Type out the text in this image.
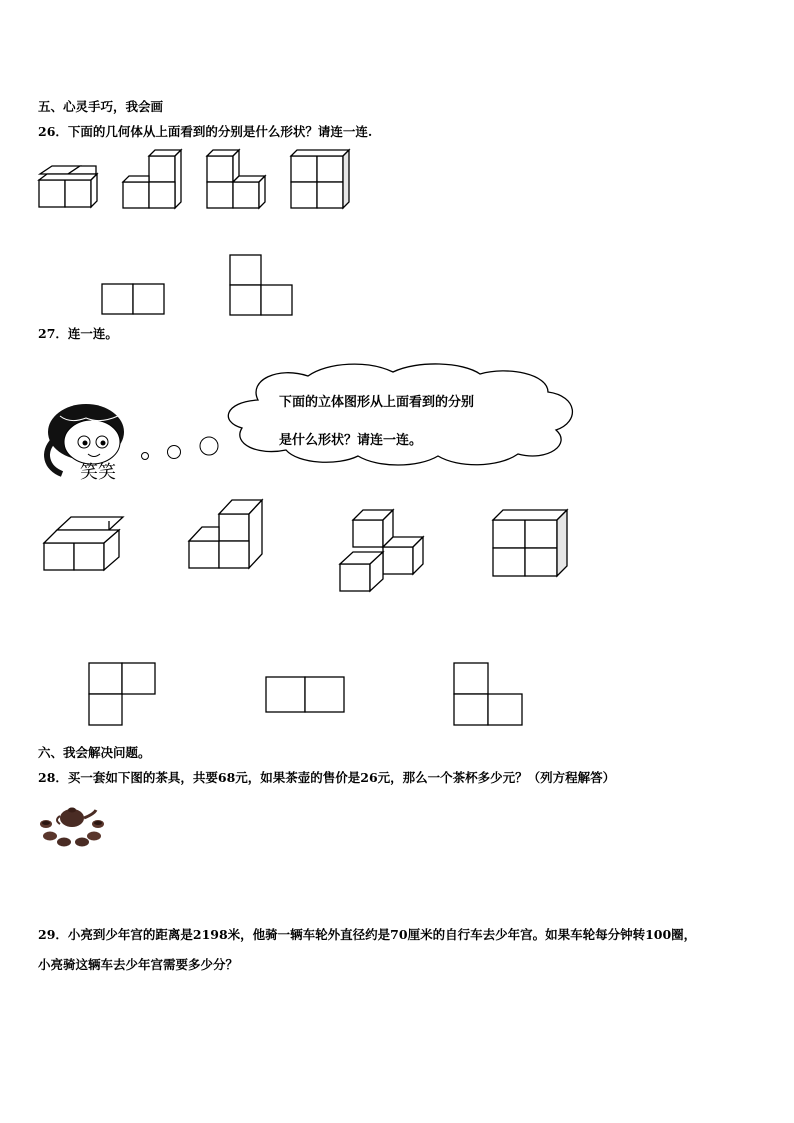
五、心灵手巧，我会画
26．下面的几何体从上面看到的分别是什么形状？请连一连.
27．连一连。
笑笑
下面的立体图形从上面看到的分别
是什么形状？请连一连。
六、我会解决问题。
28．买一套如下图的茶具，共要68元，如果茶壶的售价是26元，那么一个茶杯多少元？（列方程解答）
29．小亮到少年宫的距离是2198米，他骑一辆车轮外直径约是70厘米的自行车去少年宫。如果车轮每分钟转100圈，
小亮骑这辆车去少年宫需要多少分？
